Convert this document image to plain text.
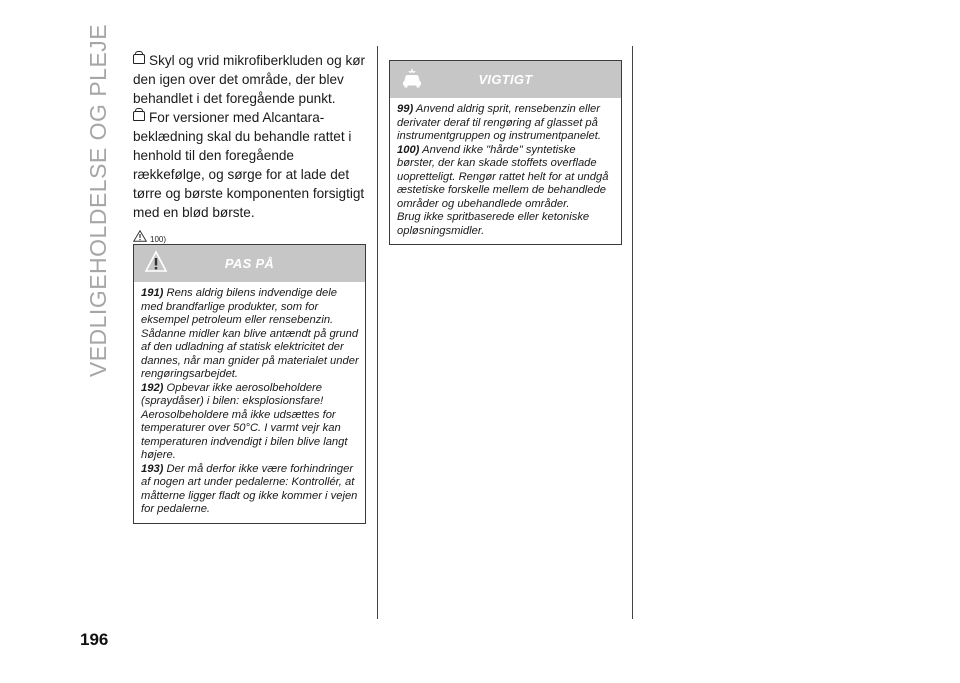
VEDLIGEHOLDELSE OG PLEJE
196

Skyl og vrid mikrofiberkluden og kør den igen over det område, der blev behandlet i det foregående punkt.

For versioner med Alcantara-beklædning skal du behandle rattet i henhold til den foregående rækkefølge, og sørge for at lade det tørre og børste komponenten forsigtigt med en blød børste.

100)
PAS PÅ

191) Rens aldrig bilens indvendige dele med brandfarlige produkter, som for eksempel petroleum eller rensebenzin. Sådanne midler kan blive antændt på grund af den udladning af statisk elektricitet der dannes, når man gnider på materialet under rengøringsarbejdet.

192) Opbevar ikke aerosolbeholdere (spraydåser) i bilen: eksplosionsfare! Aerosolbeholdere må ikke udsættes for temperaturer over 50°C. I varmt vejr kan temperaturen indvendigt i bilen blive langt højere.

193) Der må derfor ikke være forhindringer af nogen art under pedalerne: Kontrollér, at måtterne ligger fladt og ikke kommer i vejen for pedalerne.

VIGTIGT

99) Anvend aldrig sprit, rensebenzin eller derivater deraf til rengøring af glasset på instrumentgruppen og instrumentpanelet.

100) Anvend ikke "hårde" syntetiske børster, der kan skade stoffets overflade uopretteligt. Rengør rattet helt for at undgå æstetiske forskelle mellem de behandlede områder og ubehandlede områder.

Brug ikke spritbaserede eller ketoniske opløsningsmidler.
